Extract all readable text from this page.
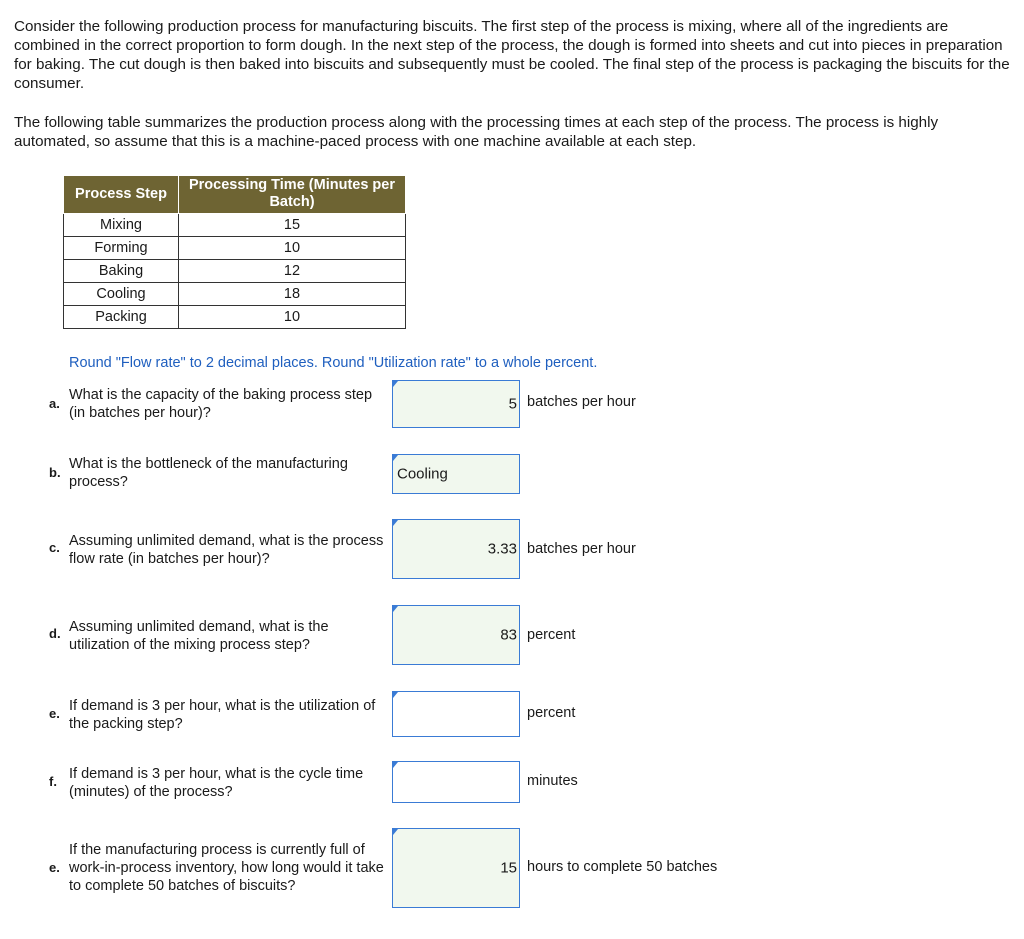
Consider the following production process for manufacturing biscuits. The first step of the process is mixing, where all of the ingredients are combined in the correct proportion to form dough. In the next step of the process, the dough is formed into sheets and cut into pieces in preparation for baking. The cut dough is then baked into biscuits and subsequently must be cooled. The final step of the process is packaging the biscuits for the consumer.

The following table summarizes the production process along with the processing times at each step of the process. The process is highly automated, so assume that this is a machine-paced process with one machine available at each step.

Process Step	Processing Time (Minutes per Batch)
Mixing	15
Forming	10
Baking	12
Cooling	18
Packing	10

Round "Flow rate" to 2 decimal places. Round "Utilization rate" to a whole percent.

a.
What is the capacity of the baking process step (in batches per hour)?
5 batches per hour
b.
What is the bottleneck of the manufacturing process?	Cooling
c. Assuming unlimited demand, what is the process flow rate (in batches per hour)?
3.33 batches per hour
d. Assuming unlimited demand, what is the utilization of the mixing process step?
83 percent
e. If demand is 3 per hour, what is the utilization of the packing step?
percent
f. If demand is 3 per hour, what is the cycle time (minutes) of the process?
minutes
e.
If the manufacturing process is currently full of work-in-process inventory, how long would it take to complete 50 batches of biscuits?
15 hours to complete 50 batches
